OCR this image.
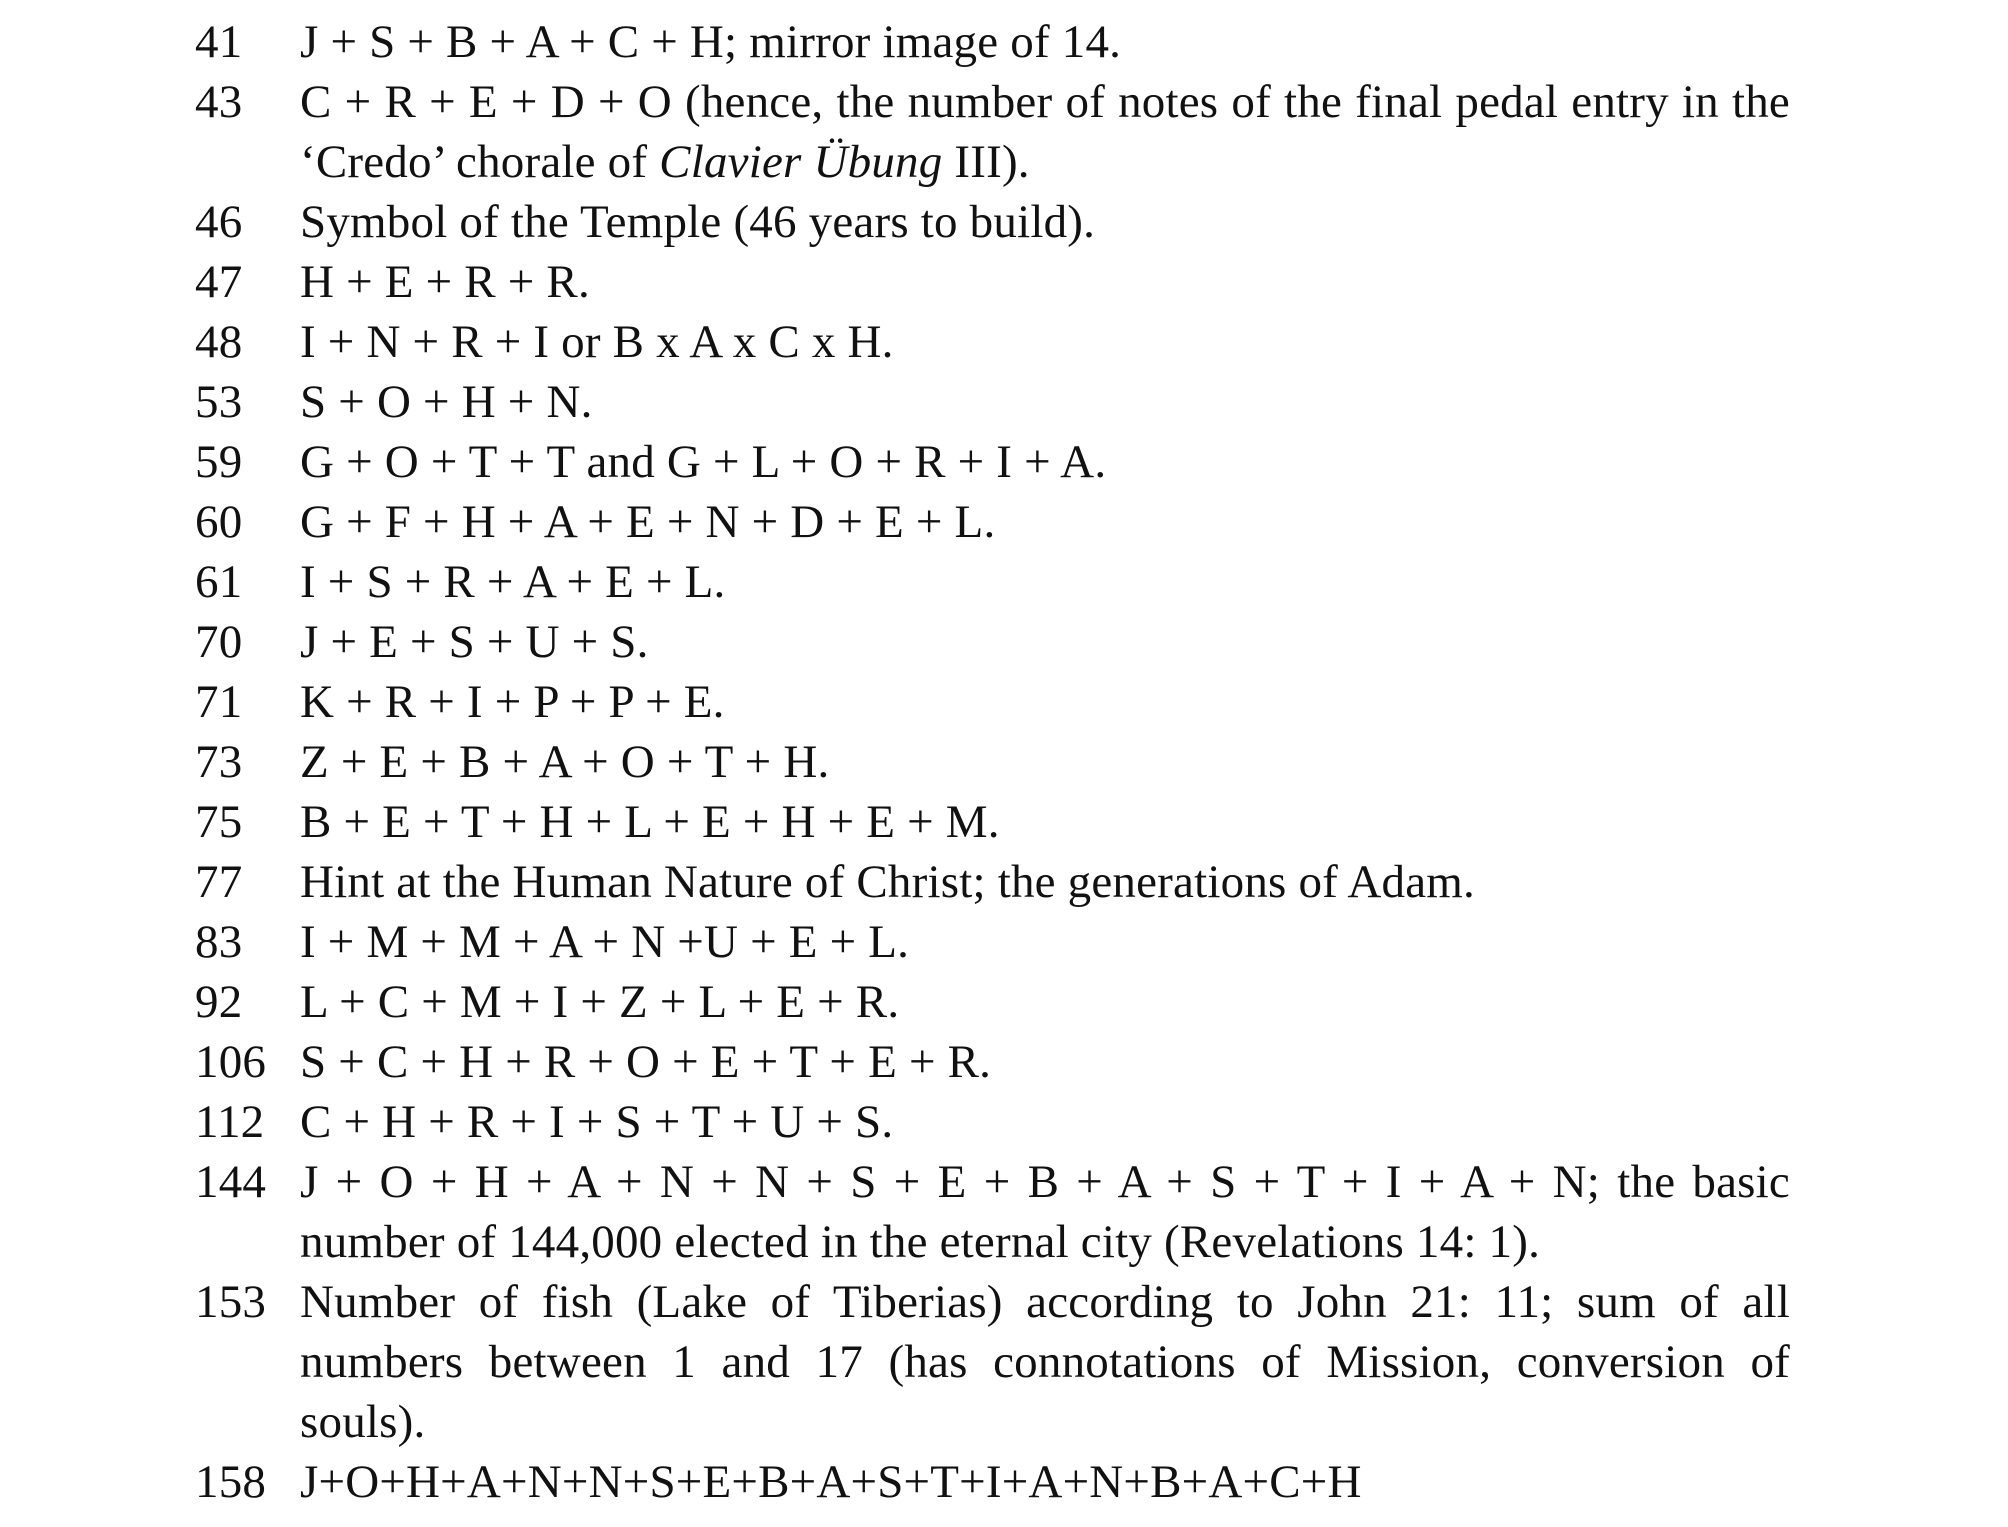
41	J + S + B + A + C + H; mirror image of 14.
43	C + R + E + D + O (hence, the number of notes of the final pedal entry in the ‘Credo’ chorale of Clavier Übung III).
46	Symbol of the Temple (46 years to build).
47	H + E + R + R.
48	I + N + R + I or B x A x C x H.
53	S + O + H + N.
59	G + O + T + T and G + L + O + R + I + A.
60	G + F + H + A + E + N + D + E + L.
61	I + S + R + A + E + L.
70	J + E + S + U + S.
71	K + R + I + P + P + E.
73	Z + E + B + A + O + T + H.
75	B + E + T + H + L + E + H + E + M.
77	Hint at the Human Nature of Christ; the generations of Adam.
83	I + M + M + A + N +U + E + L.
92	L + C + M + I + Z + L + E + R.
106 S + C + H + R + O + E + T + E + R.
112 C + H + R + I + S + T + U + S.
144 J + O + H + A + N + N + S + E + B + A + S + T + I + A + N; the basic number of 144,000 elected in the eternal city (Revelations 14: 1).
153 Number of fish (Lake of Tiberias) according to John 21: 11; sum of all numbers between 1 and 17 (has connotations of Mission, conversion of souls).
158 J+O+H+A+N+N+S+E+B+A+S+T+I+A+N+B+A+C+H
